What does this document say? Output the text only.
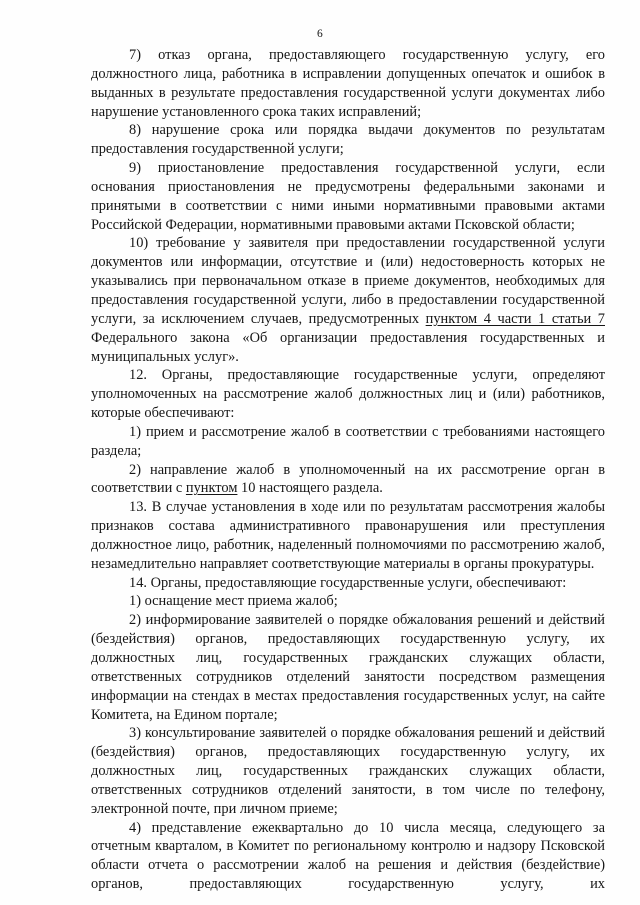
6

7) отказ органа, предоставляющего государственную услугу, его должностного лица, работника в исправлении допущенных опечаток и ошибок в выданных в результате предоставления государственной услуги документах либо нарушение установленного срока таких исправлений;

8) нарушение срока или порядка выдачи документов по результатам предоставления государственной услуги;

9) приостановление предоставления государственной услуги, если основания приостановления не предусмотрены федеральными законами и принятыми в соответствии с ними иными нормативными правовыми актами Российской Федерации, нормативными правовыми актами Псковской области;

10) требование у заявителя при предоставлении государственной услуги документов или информации, отсутствие и (или) недостоверность которых не указывались при первоначальном отказе в приеме документов, необходимых для предоставления государственной услуги, либо в предоставлении государственной услуги, за исключением случаев, предусмотренных пунктом 4 части 1 статьи 7 Федерального закона «Об организации предоставления государственных и муниципальных услуг».

12. Органы, предоставляющие государственные услуги, определяют уполномоченных на рассмотрение жалоб должностных лиц и (или) работников, которые обеспечивают:

1) прием и рассмотрение жалоб в соответствии с требованиями настоящего раздела;

2) направление жалоб в уполномоченный на их рассмотрение орган в соответствии с пунктом 10 настоящего раздела.

13. В случае установления в ходе или по результатам рассмотрения жалобы признаков состава административного правонарушения или преступления должностное лицо, работник, наделенный полномочиями по рассмотрению жалоб, незамедлительно направляет соответствующие материалы в органы прокуратуры.

14. Органы, предоставляющие государственные услуги, обеспечивают:

1) оснащение мест приема жалоб;

2) информирование заявителей о порядке обжалования решений и действий (бездействия) органов, предоставляющих государственную услугу, их должностных лиц, государственных гражданских служащих области, ответственных сотрудников отделений занятости посредством размещения информации на стендах в местах предоставления государственных услуг, на сайте Комитета, на Едином портале;

3) консультирование заявителей о порядке обжалования решений и действий (бездействия) органов, предоставляющих государственную услугу, их должностных лиц, государственных гражданских служащих области, ответственных сотрудников отделений занятости, в том числе по телефону, электронной почте, при личном приеме;

4) представление ежеквартально до 10 числа месяца, следующего за отчетным кварталом, в Комитет по региональному контролю и надзору Псковской области отчета о рассмотрении жалоб на решения и действия (бездействие) органов, предоставляющих государственную услугу, их
